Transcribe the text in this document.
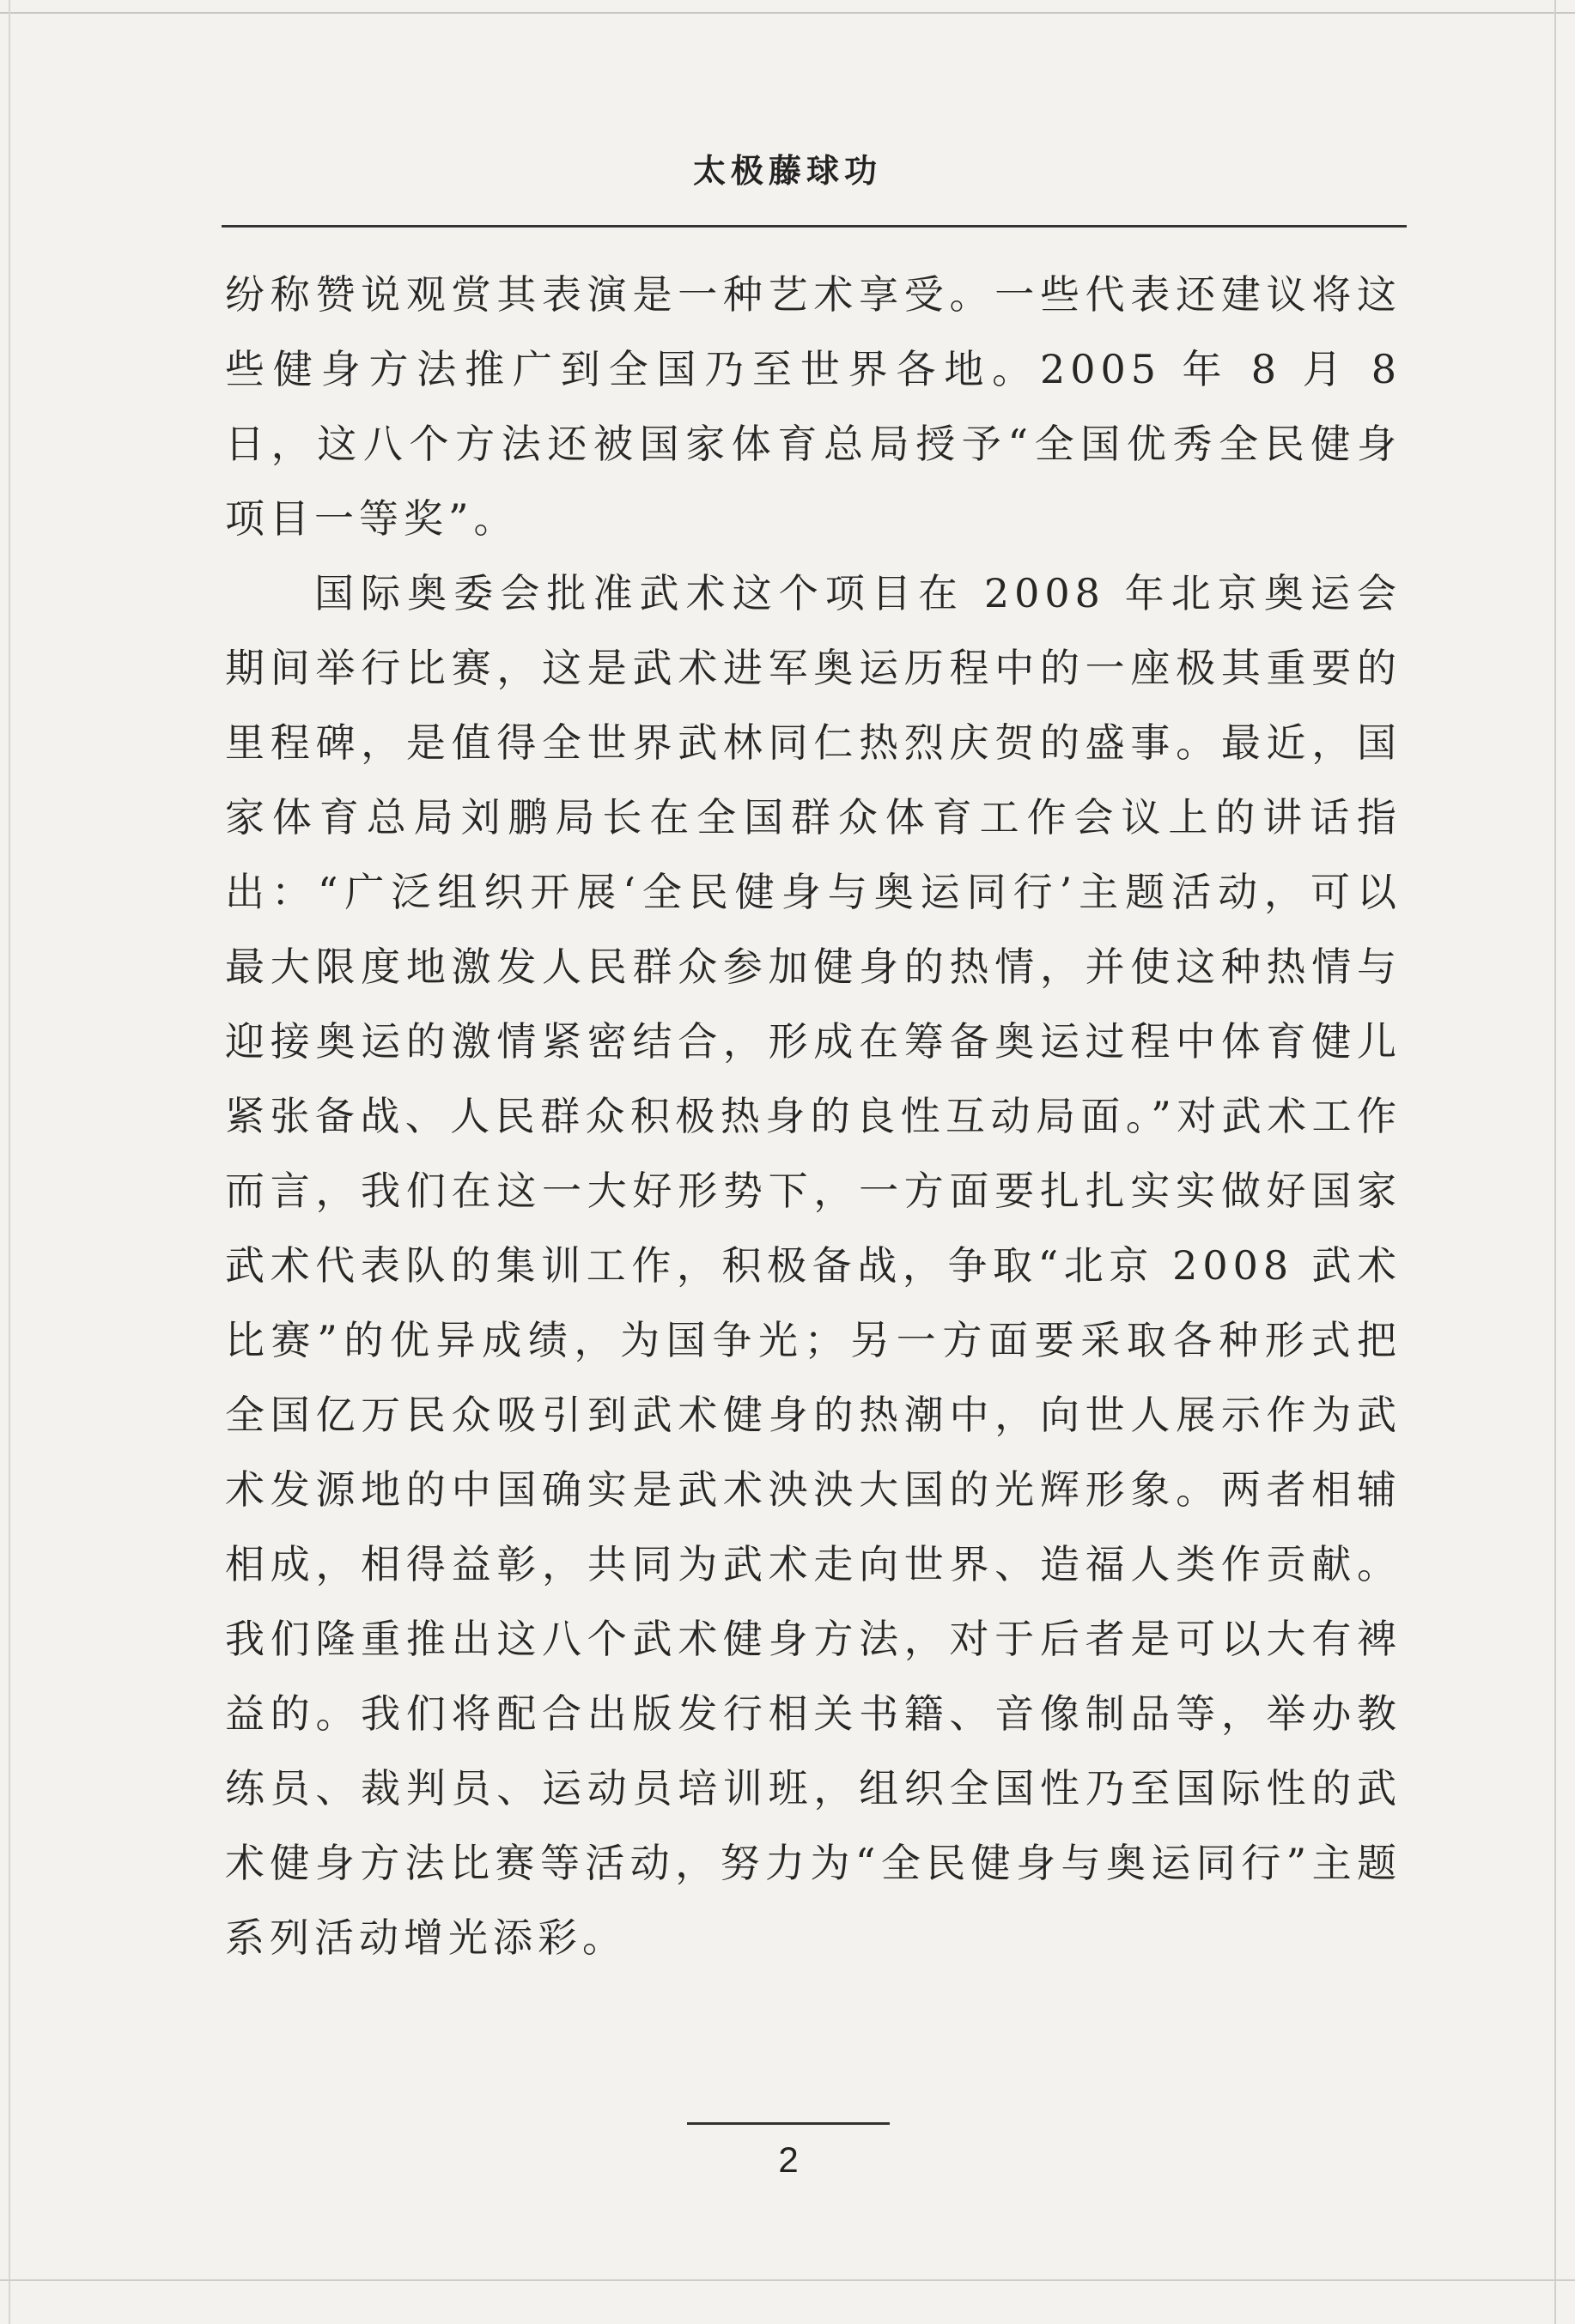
太极藤球功

纷称赞说观赏其表演是一种艺术享受。一些代表还建议将这些健身方法推广到全国乃至世界各地。2005 年 8 月 8 日，这八个方法还被国家体育总局授予“全国优秀全民健身项目一等奖”。

国际奥委会批准武术这个项目在 2008 年北京奥运会期间举行比赛，这是武术进军奥运历程中的一座极其重要的里程碑，是值得全世界武林同仁热烈庆贺的盛事。最近，国家体育总局刘鹏局长在全国群众体育工作会议上的讲话指出：“广泛组织开展‘全民健身与奥运同行’主题活动，可以最大限度地激发人民群众参加健身的热情，并使这种热情与迎接奥运的激情紧密结合，形成在筹备奥运过程中体育健儿紧张备战、人民群众积极热身的良性互动局面。”对武术工作而言，我们在这一大好形势下，一方面要扎扎实实做好国家武术代表队的集训工作，积极备战，争取“北京 2008 武术比赛”的优异成绩，为国争光；另一方面要采取各种形式把全国亿万民众吸引到武术健身的热潮中，向世人展示作为武术发源地的中国确实是武术泱泱大国的光辉形象。两者相辅相成，相得益彰，共同为武术走向世界、造福人类作贡献。我们隆重推出这八个武术健身方法，对于后者是可以大有裨益的。我们将配合出版发行相关书籍、音像制品等，举办教练员、裁判员、运动员培训班，组织全国性乃至国际性的武术健身方法比赛等活动，努力为“全民健身与奥运同行”主题系列活动增光添彩。

2
